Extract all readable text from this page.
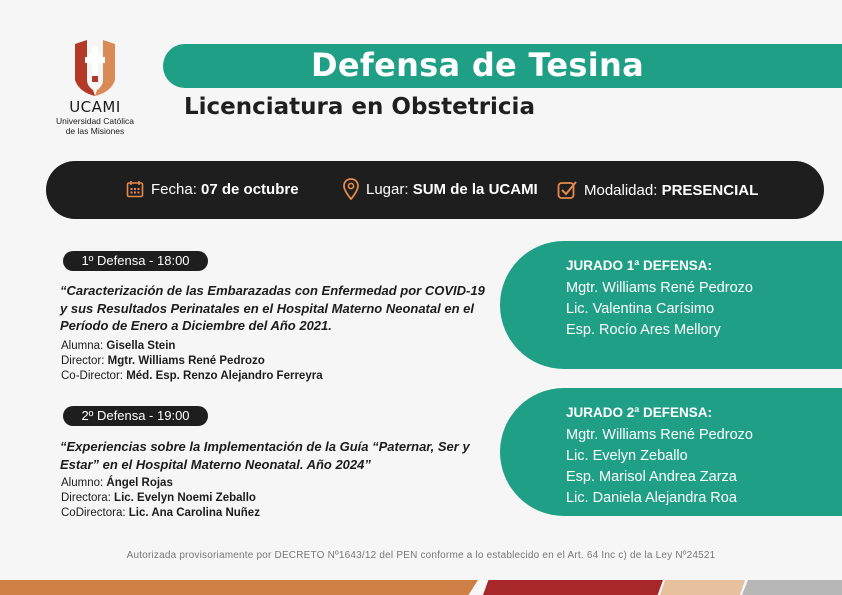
UCAMI
Universidad Católica
de las Misiones
Defensa de Tesina
Licenciatura en Obstetricia
Fecha:
07 de octubre	Lugar:
SUM de la UCAMI	Modalidad:
PRESENCIAL
1º Defensa - 18:00
“Caracterización de las Embarazadas con Enfermedad por COVID-19
y sus Resultados Perinatales en el Hospital Materno Neonatal en el
Período de Enero a Diciembre del Año 2021.
Alumna: Gisella Stein
Director: Mgtr. Williams René Pedrozo
Co-Director: Méd. Esp. Renzo Alejandro Ferreyra
2º Defensa - 19:00
“Experiencias sobre la Implementación de la Guía “Paternar, Ser y
Estar” en el Hospital Materno Neonatal. Año 2024”
Alumno: Ángel Rojas
Directora: Lic. Evelyn Noemi Zeballo
CoDirectora: Lic. Ana Carolina Nuñez
JURADO 1ª DEFENSA:
Mgtr. Williams René Pedrozo
Lic. Valentina Carísimo
Esp. Rocío Ares Mellory
JURADO 2ª DEFENSA:
Mgtr. Williams René Pedrozo
Lic. Evelyn Zeballo
Esp. Marisol Andrea Zarza
Lic. Daniela Alejandra Roa
Autorizada provisoriamente por DECRETO Nº1643/12 del PEN conforme a lo establecido en el Art. 64 Inc c) de la Ley Nº24521
